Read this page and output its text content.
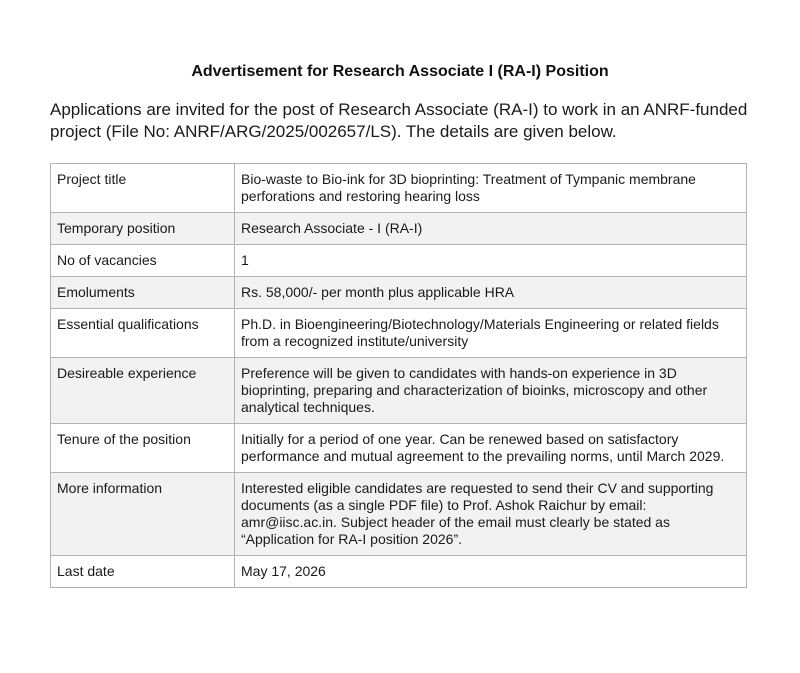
Advertisement for Research Associate I (RA-I) Position
Applications are invited for the post of Research Associate (RA-I) to work in an ANRF-funded project (File No: ANRF/ARG/2025/002657/LS). The details are given below.
Project title	Bio-waste to Bio-ink for 3D bioprinting: Treatment of Tympanic membrane perforations and restoring hearing loss
Temporary position	Research Associate - I (RA-I)
No of vacancies	1
Emoluments	Rs. 58,000/- per month plus applicable HRA
Essential qualifications	Ph.D. in Bioengineering/Biotechnology/Materials Engineering or related fields from a recognized institute/university
Desireable experience	Preference will be given to candidates with hands-on experience in 3D bioprinting, preparing and characterization of bioinks, microscopy and other analytical techniques.
Tenure of the position	Initially for a period of one year. Can be renewed based on satisfactory performance and mutual agreement to the prevailing norms, until March 2029.
More information	Interested eligible candidates are requested to send their CV and supporting documents (as a single PDF file) to Prof. Ashok Raichur by email: amr@iisc.ac.in. Subject header of the email must clearly be stated as “Application for RA-I position 2026”.
Last date	May 17, 2026
